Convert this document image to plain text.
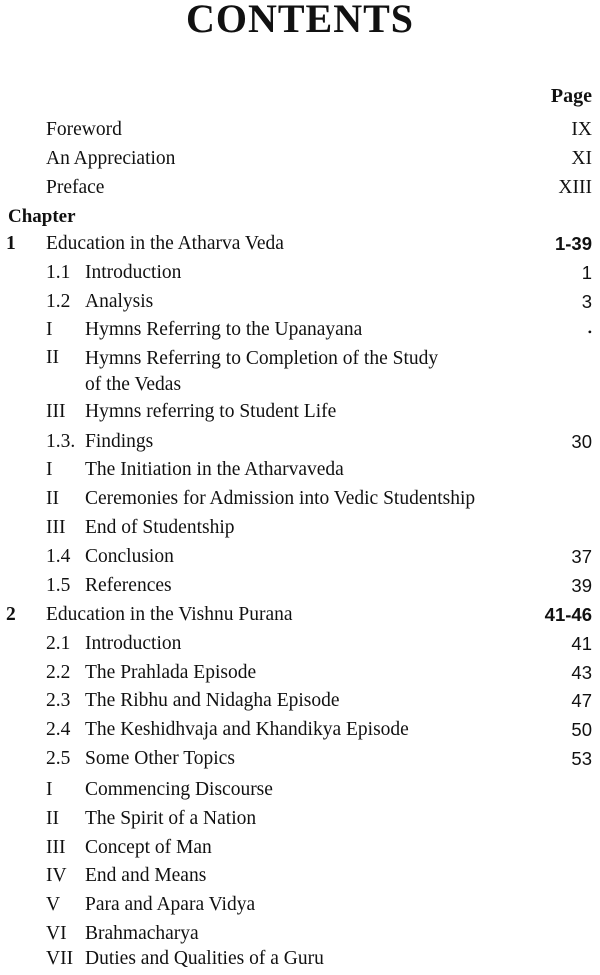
CONTENTS
Page
Foreword	IX
An Appreciation	XI
Preface	XIII
Chapter
1 Education in the Atharva Veda	1-39
1.1 Introduction	1
1.2 Analysis	3
I Hymns Referring to the Upanayana	•
II Hymns Referring to Completion of the Study
of the Vedas
III Hymns referring to Student Life
1.3. Findings	30
I The Initiation in the Atharvaveda
II Ceremonies for Admission into Vedic Studentship
III End of Studentship
1.4 Conclusion	37
1.5 References	39
2 Education in the Vishnu Purana	41-46
2.1 Introduction	41
2.2 The Prahlada Episode	43
2.3 The Ribhu and Nidagha Episode	47
2.4 The Keshidhvaja and Khandikya Episode	50
2.5 Some Other Topics	53
I Commencing Discourse
II The Spirit of a Nation
III Concept of Man
IV End and Means
V Para and Apara Vidya
VI Brahmacharya
VII Duties and Qualities of a Guru
